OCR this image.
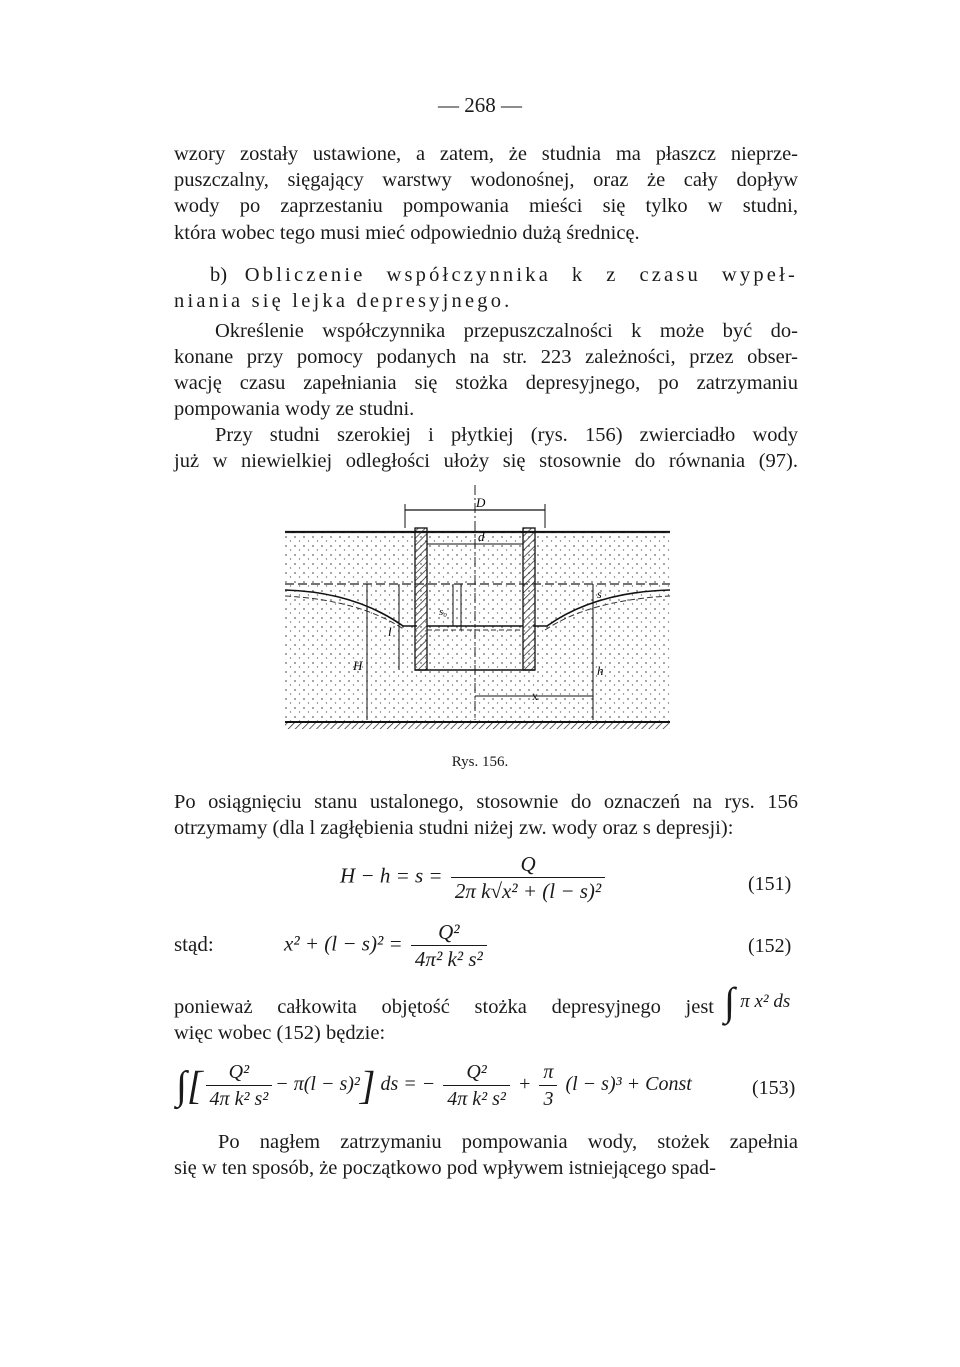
— 268 —
wzory zostały ustawione, a zatem, że studnia ma płaszcz nieprze-
puszczalny, sięgający warstwy wodonośnej, oraz że cały dopływ
wody po zaprzestaniu pompowania mieści się tylko w studni,
która wobec tego musi mieć odpowiednio dużą średnicę.
b) Obliczenie współczynnika k z czasu wypeł-
niania się lejka depresyjnego.
Określenie współczynnika przepuszczalności k może być do-
konane przy pomocy podanych na str. 223 zależności, przez obser-
wację czasu zapełniania się stożka depresyjnego, po zatrzymaniu
pompowania wody ze studni.
Przy studni szerokiej i płytkiej (rys. 156) zwierciadło wody
już w niewielkiej odległości ułoży się stosownie do równania (97).
D
d
s₀
l
H
s
h
x
Rys. 156.
Po osiągnięciu stanu ustalonego, stosownie do oznaczeń na rys. 156
otrzymamy (dla l zagłębienia studni niżej zw. wody oraz s depresji):
$H - h = s = \frac{Q}{\text{2π k√x² + (l − s)²}}$	(151)
stąd:	$x^2 + (l - s)^2 = \frac{\text{Q²}}{\text{4π² k² s²}}$	(152)
ponieważ całkowita objętość stożka depresyjnego jest ∫ π x² ds
więc wobec (152) będzie:
∫[ $\frac{\text{Q²}}{\text{4π k² s²}} - \pi(l - s)^2$] ds = − $\frac{\text{Q²}}{\text{4π k² s²}} + \frac{\pi}{3} (l - s)^3$ + Const	(153)
Po nagłem zatrzymaniu pompowania wody, stożek zapełnia
się w ten sposób, że początkowo pod wpływem istniejącego spad-
